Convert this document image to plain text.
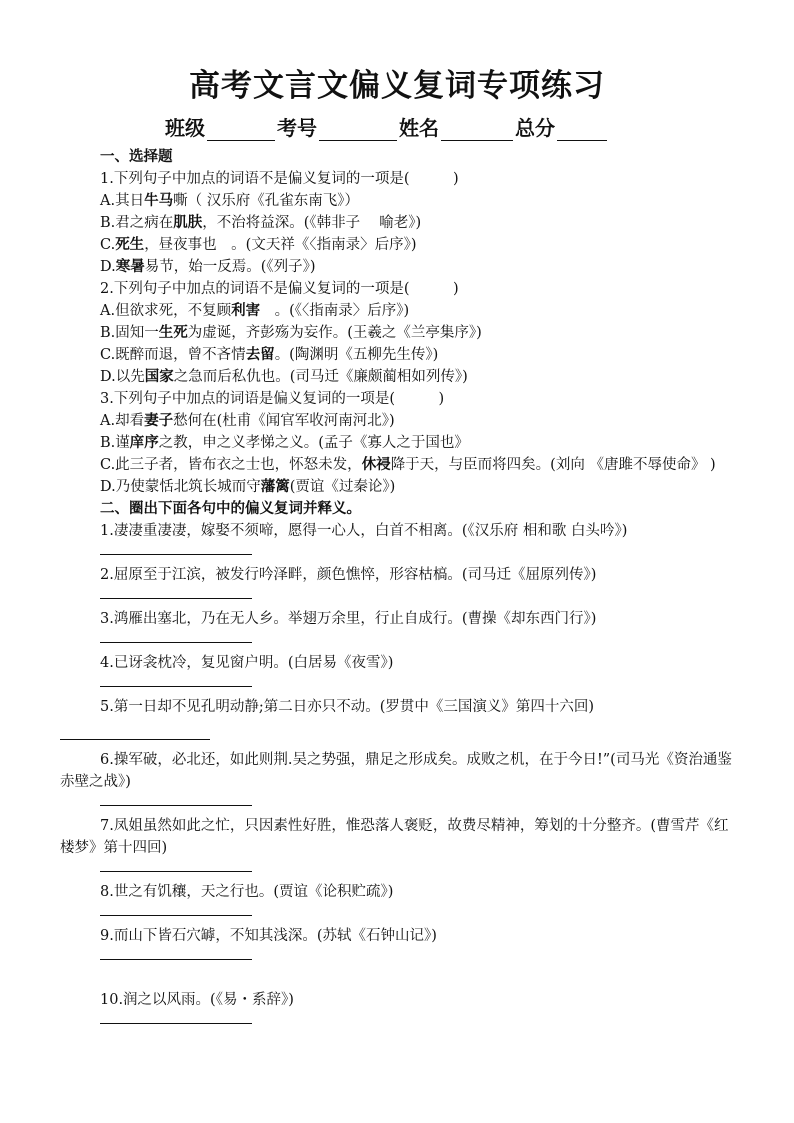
高考文言文偏义复词专项练习
班级	考号	姓名	总分
一、选择题
1.下列句子中加点的词语不是偏义复词的一项是(　　　)
A.其日牛马嘶（ 汉乐府《孔雀东南飞》）
B.君之病在肌肤，不治将益深。(《韩非子　 喻老》)
C.死生，昼夜事也　。(文天祥《〈指南录〉后序》)
D.寒暑易节，始一反焉。(《列子》)
2.下列句子中加点的词语不是偏义复词的一项是(　　　)
A.但欲求死，不复顾利害　。(《〈指南录〉后序》)
B.固知一生死为虚诞，齐彭殇为妄作。(王羲之《兰亭集序》)
C.既醉而退，曾不吝情去留。(陶渊明《五柳先生传》)
D.以先国家之急而后私仇也。(司马迁《廉颇蔺相如列传》)
3.下列句子中加点的词语是偏义复词的一项是(　　　)
A.却看妻子愁何在(杜甫《闻官军收河南河北》)
B.谨庠序之教，申之义孝悌之义。(孟子《寡人之于国也》
C.此三子者，皆布衣之士也，怀怒未发，休祲降于天，与臣而将四矣。(刘向 《唐雎不辱使命》 )
D.乃使蒙恬北筑长城而守藩篱(贾谊《过秦论》)
二、圈出下面各句中的偏义复词并释义。
1.凄凄重凄凄，嫁娶不须啼，愿得一心人，白首不相离。(《汉乐府 相和歌 白头吟》)
2.屈原至于江滨，被发行吟泽畔，颜色憔悴，形容枯槁。(司马迁《屈原列传》)
3.鸿雁出塞北，乃在无人乡。举翅万余里，行止自成行。(曹操《却东西门行》)
4.已讶衾枕冷，复见窗户明。(白居易《夜雪》)
5.第一日却不见孔明动静;第二日亦只不动。(罗贯中《三国演义》第四十六回)
6.操军破，必北还，如此则荆.吴之势强，鼎足之形成矣。成败之机，在于今日!”(司马光《资治通鉴　 赤壁之战》)
7.凤姐虽然如此之忙，只因素性好胜，惟恐落人褒贬，故费尽精神，筹划的十分整齐。(曹雪芹《红楼梦》第十四回)
8.世之有饥穰，天之行也。(贾谊《论积贮疏》)
9.而山下皆石穴罅，不知其浅深。(苏轼《石钟山记》)
10.润之以风雨。(《易・系辞》)
